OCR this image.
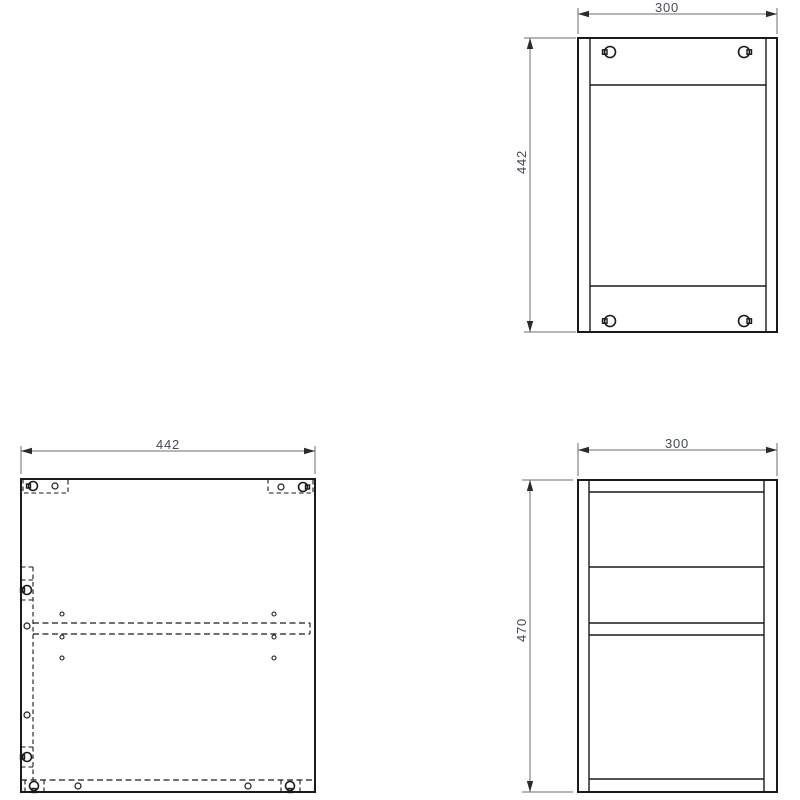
300
442
442	300
470
